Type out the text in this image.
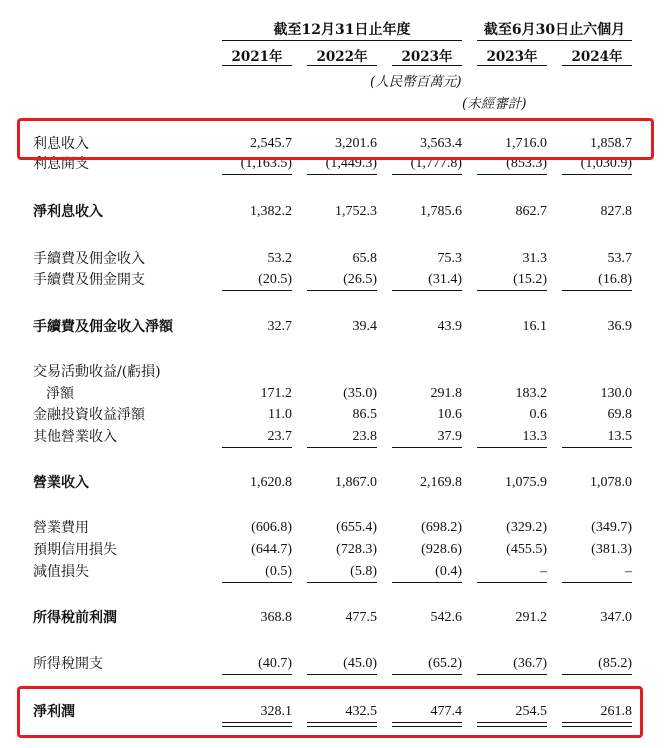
截至12月31日止年度	截至6月30日止六個月
2021年	2022年	2023年	2023年	2024年
(人民幣百萬元)
(未經審計)
利息收入	2,545.7	3,201.6	3,563.4	1,716.0	1,858.7
利息開支	(1,163.5)	(1,449.3)	(1,777.8)	(853.3)	(1,030.9)
淨利息收入	1,382.2	1,752.3	1,785.6	862.7	827.8
手續費及佣金收入	53.2	65.8	75.3	31.3	53.7
手續費及佣金開支	(20.5)	(26.5)	(31.4)	(15.2)	(16.8)
手續費及佣金收入淨額	32.7	39.4	43.9	16.1	36.9
交易活動收益/(虧損)
淨額	171.2	(35.0)	291.8	183.2	130.0
金融投資收益淨額	11.0	86.5	10.6	0.6	69.8
其他營業收入	23.7	23.8	37.9	13.3	13.5
營業收入	1,620.8	1,867.0	2,169.8	1,075.9	1,078.0
營業費用	(606.8)	(655.4)	(698.2)	(329.2)	(349.7)
預期信用損失	(644.7)	(728.3)	(928.6)	(455.5)	(381.3)
減值損失	(0.5)	(5.8)	(0.4)	–	–
所得稅前利潤	368.8	477.5	542.6	291.2	347.0
所得稅開支	(40.7)	(45.0)	(65.2)	(36.7)	(85.2)
淨利潤	328.1	432.5	477.4	254.5	261.8
